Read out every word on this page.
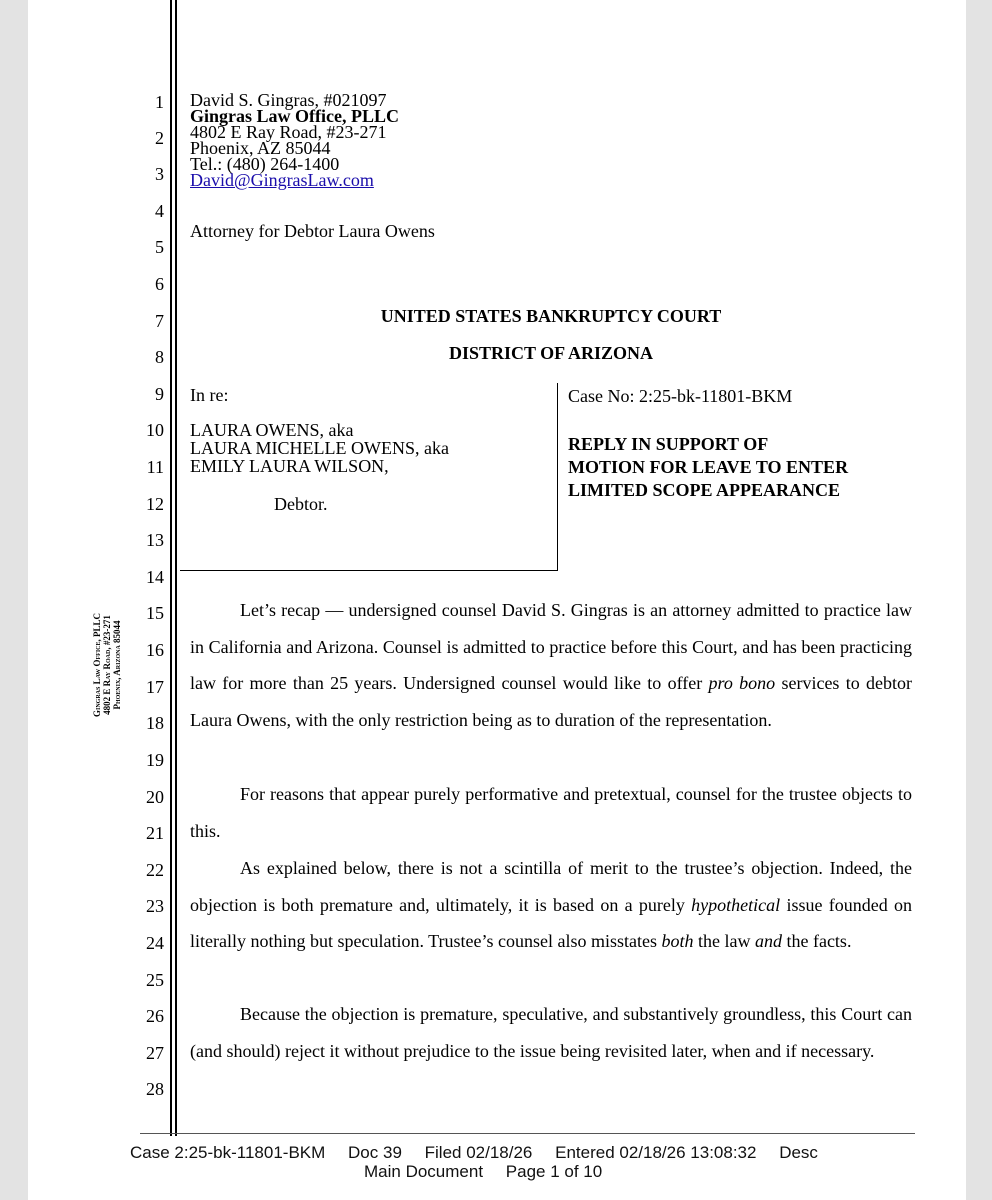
1
2
3
4
5
6
7
8
9
10
11
12
13
14
15
16
17
18
19
20
21
22
23
24
25
26
27
28
Gingras Law Office, PLLC 4802 E Ray Road, #23-271 Phoenix, Arizona 85044
David S. Gingras, #021097
Gingras Law Office, PLLC
4802 E Ray Road, #23-271
Phoenix, AZ 85044
Tel.: (480) 264-1400
David@GingrasLaw.com
Attorney for Debtor Laura Owens
UNITED STATES BANKRUPTCY COURT
DISTRICT OF ARIZONA
In re:
LAURA OWENS, aka
LAURA MICHELLE OWENS, aka
EMILY LAURA WILSON,
Debtor.
Case No: 2:25-bk-11801-BKM
REPLY IN SUPPORT OF
MOTION FOR LEAVE TO ENTER
LIMITED SCOPE APPEARANCE
Let’s recap — undersigned counsel David S. Gingras is an attorney admitted to practice law in California and Arizona. Counsel is admitted to practice before this Court, and has been practicing law for more than 25 years. Undersigned counsel would like to offer pro bono services to debtor Laura Owens, with the only restriction being as to duration of the representation.
For reasons that appear purely performative and pretextual, counsel for the trustee objects to this.
As explained below, there is not a scintilla of merit to the trustee’s objection. Indeed, the objection is both premature and, ultimately, it is based on a purely hypothetical issue founded on literally nothing but speculation. Trustee’s counsel also misstates both the law and the facts.
Because the objection is premature, speculative, and substantively groundless, this Court can (and should) reject it without prejudice to the issue being revisited later, when and if necessary.
Case 2:25-bk-11801-BKM Doc 39 Filed 02/18/26 Entered 02/18/26 13:08:32 Desc
Main Document Page 1 of 10
